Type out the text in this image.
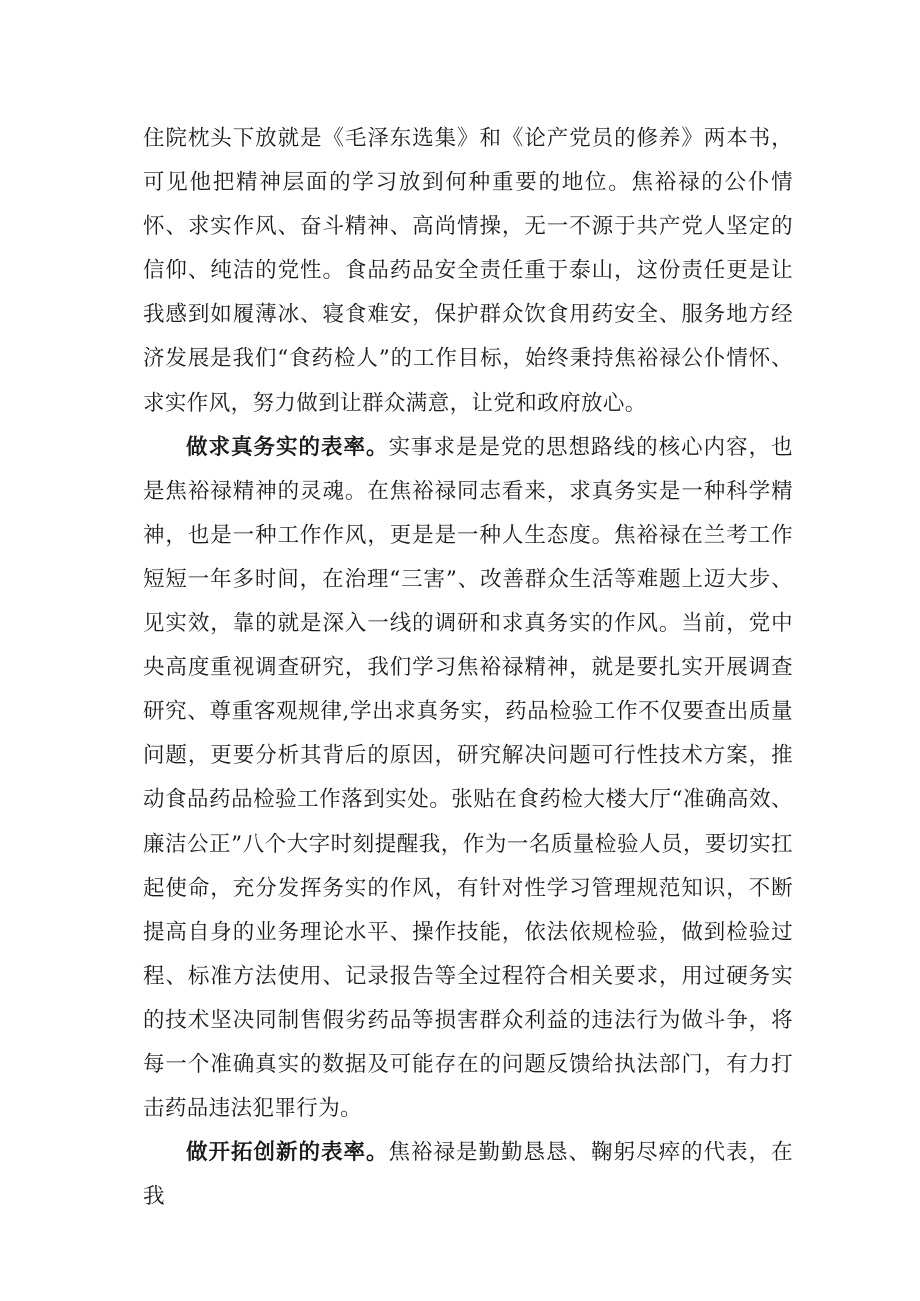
住院枕头下放就是《毛泽东选集》和《论产党员的修养》两本书，可见他把精神层面的学习放到何种重要的地位。焦裕禄的公仆情怀、求实作风、奋斗精神、高尚情操，无一不源于共产党人坚定的信仰、纯洁的党性。食品药品安全责任重于泰山，这份责任更是让我感到如履薄冰、寝食难安，保护群众饮食用药安全、服务地方经济发展是我们“食药检人”的工作目标，始终秉持焦裕禄公仆情怀、求实作风，努力做到让群众满意，让党和政府放心。

做求真务实的表率。实事求是是党的思想路线的核心内容，也是焦裕禄精神的灵魂。在焦裕禄同志看来，求真务实是一种科学精神，也是一种工作作风，更是是一种人生态度。焦裕禄在兰考工作短短一年多时间，在治理“三害”、改善群众生活等难题上迈大步、见实效，靠的就是深入一线的调研和求真务实的作风。当前，党中央高度重视调查研究，我们学习焦裕禄精神，就是要扎实开展调查研究、尊重客观规律,学出求真务实，药品检验工作不仅要查出质量问题，更要分析其背后的原因，研究解决问题可行性技术方案，推动食品药品检验工作落到实处。张贴在食药检大楼大厅“准确高效、廉洁公正”八个大字时刻提醒我，作为一名质量检验人员，要切实扛起使命，充分发挥务实的作风，有针对性学习管理规范知识，不断提高自身的业务理论水平、操作技能，依法依规检验，做到检验过程、标准方法使用、记录报告等全过程符合相关要求，用过硬务实的技术坚决同制售假劣药品等损害群众利益的违法行为做斗争，将每一个准确真实的数据及可能存在的问题反馈给执法部门，有力打击药品违法犯罪行为。

做开拓创新的表率。焦裕禄是勤勤恳恳、鞠躬尽瘁的代表，在我
